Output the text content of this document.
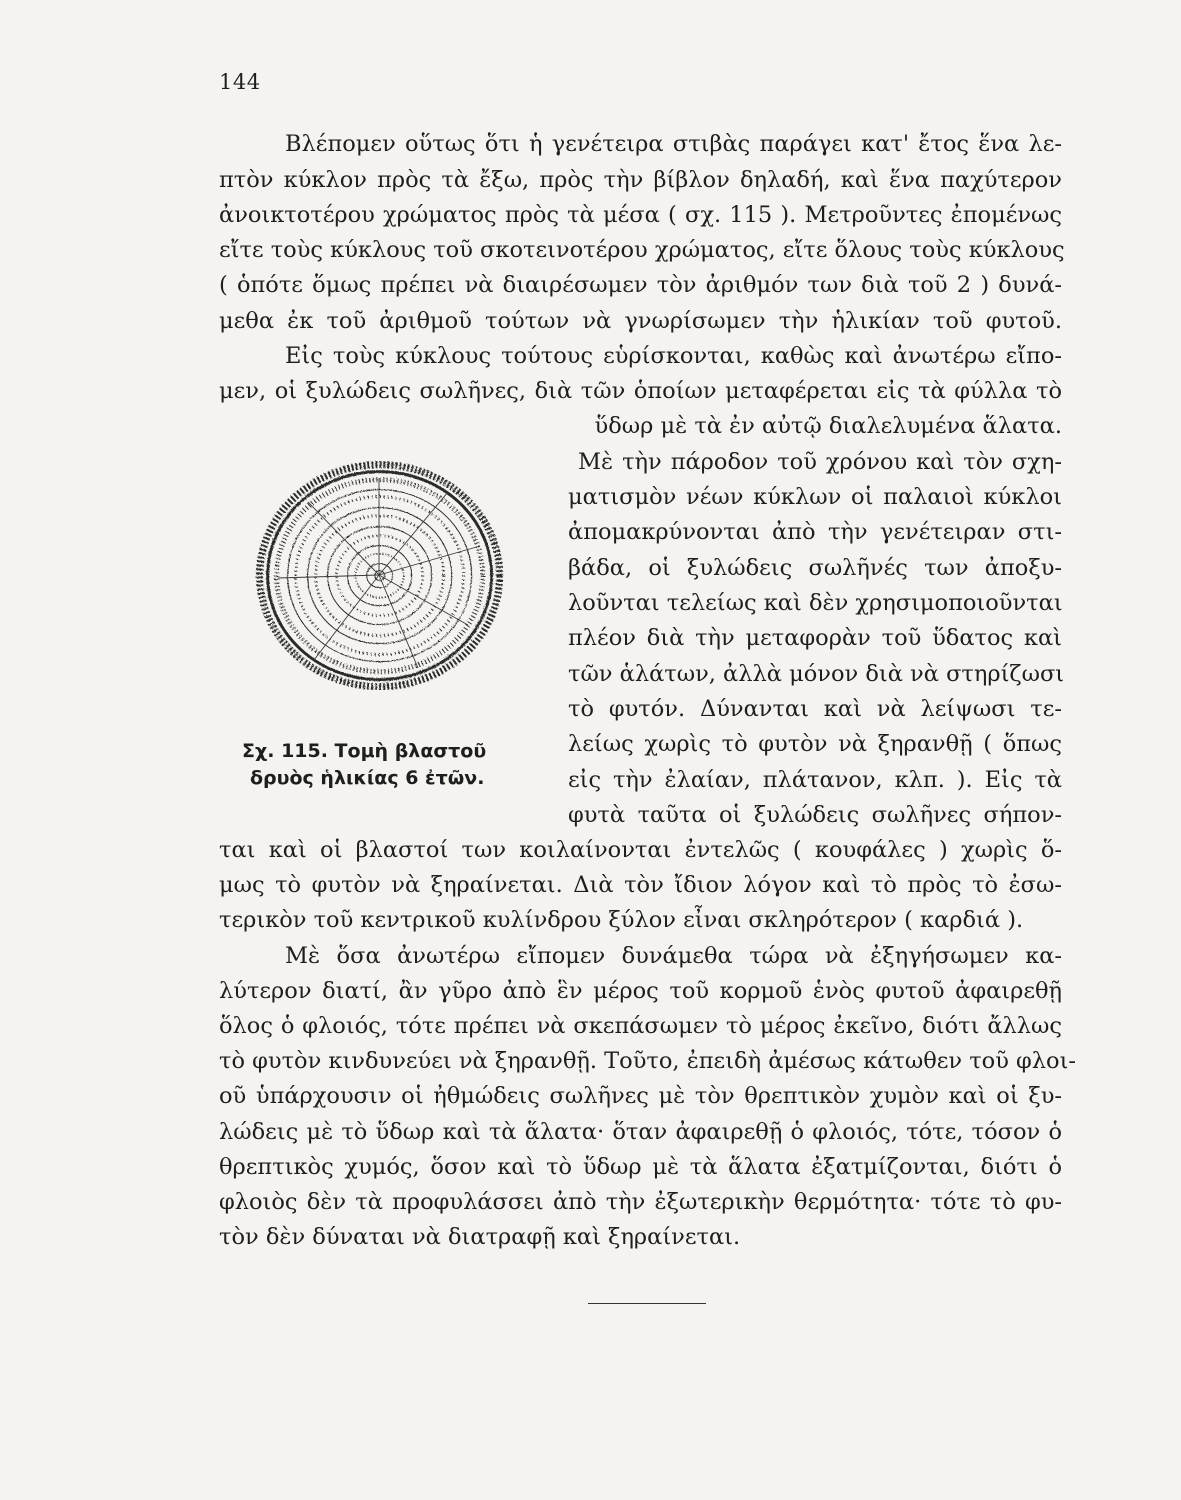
144
Βλέπομεν οὕτως ὅτι ἡ γενέτειρα στιβὰς παράγει κατ' ἔτος ἕνα λε-
πτὸν κύκλον πρὸς τὰ ἔξω, πρὸς τὴν βίβλον δηλαδή, καὶ ἕνα παχύτερον
ἀνοικτοτέρου χρώματος πρὸς τὰ μέσα ( σχ. 115 ). Μετροῦντες ἐπομένως
εἴτε τοὺς κύκλους τοῦ σκοτεινοτέρου χρώματος, εἴτε ὅλους τοὺς κύκλους
( ὁπότε ὅμως πρέπει νὰ διαιρέσωμεν τὸν ἀριθμόν των διὰ τοῦ 2 ) δυνά-
μεθα ἐκ τοῦ ἀριθμοῦ τούτων νὰ γνωρίσωμεν τὴν ἡλικίαν τοῦ φυτοῦ.
Εἰς τοὺς κύκλους τούτους εὑρίσκονται, καθὼς καὶ ἀνωτέρω εἴπο-
μεν, οἱ ξυλώδεις σωλῆνες, διὰ τῶν ὁποίων μεταφέρεται εἰς τὰ φύλλα τὸ
ὕδωρ μὲ τὰ ἐν αὐτῷ διαλελυμένα ἅλατα.
Σχ. 115. Τομὴ βλαστοῦ
δρυὸς ἡλικίας 6 ἐτῶν.
Μὲ τὴν πάροδον τοῦ χρόνου καὶ τὸν σχη-
ματισμὸν νέων κύκλων οἱ παλαιοὶ κύκλοι
ἀπομακρύνονται ἀπὸ τὴν γενέτειραν στι-
βάδα, οἱ ξυλώδεις σωλῆνές των ἀποξυ-
λοῦνται τελείως καὶ δὲν χρησιμοποιοῦνται
πλέον διὰ τὴν μεταφορὰν τοῦ ὕδατος καὶ
τῶν ἁλάτων, ἀλλὰ μόνον διὰ νὰ στηρίζωσι
τὸ φυτόν. Δύνανται καὶ νὰ λείψωσι τε-
λείως χωρὶς τὸ φυτὸν νὰ ξηρανθῇ ( ὅπως
εἰς τὴν ἐλαίαν, πλάτανον, κλπ. ). Εἰς τὰ
φυτὰ ταῦτα οἱ ξυλώδεις σωλῆνες σήπον-
ται καὶ οἱ βλαστοί των κοιλαίνονται ἐντελῶς ( κουφάλες ) χωρὶς ὅ-
μως τὸ φυτὸν νὰ ξηραίνεται. Διὰ τὸν ἴδιον λόγον καὶ τὸ πρὸς τὸ ἐσω-
τερικὸν τοῦ κεντρικοῦ κυλίνδρου ξύλον εἶναι σκληρότερον ( καρδιά ).
Μὲ ὅσα ἀνωτέρω εἴπομεν δυνάμεθα τώρα νὰ ἐξηγήσωμεν κα-
λύτερον διατί, ἂν γῦρο ἀπὸ ἓν μέρος τοῦ κορμοῦ ἑνὸς φυτοῦ ἀφαιρεθῇ
ὅλος ὁ φλοιός, τότε πρέπει νὰ σκεπάσωμεν τὸ μέρος ἐκεῖνο, διότι ἄλλως
τὸ φυτὸν κινδυνεύει νὰ ξηρανθῇ. Τοῦτο, ἐπειδὴ ἀμέσως κάτωθεν τοῦ φλοι-
οῦ ὑπάρχουσιν οἱ ἠθμώδεις σωλῆνες μὲ τὸν θρεπτικὸν χυμὸν καὶ οἱ ξυ-
λώδεις μὲ τὸ ὕδωρ καὶ τὰ ἅλατα· ὅταν ἀφαιρεθῇ ὁ φλοιός, τότε, τόσον ὁ
θρεπτικὸς χυμός, ὅσον καὶ τὸ ὕδωρ μὲ τὰ ἅλατα ἐξατμίζονται, διότι ὁ
φλοιὸς δὲν τὰ προφυλάσσει ἀπὸ τὴν ἐξωτερικὴν θερμότητα· τότε τὸ φυ-
τὸν δὲν δύναται νὰ διατραφῇ καὶ ξηραίνεται.
